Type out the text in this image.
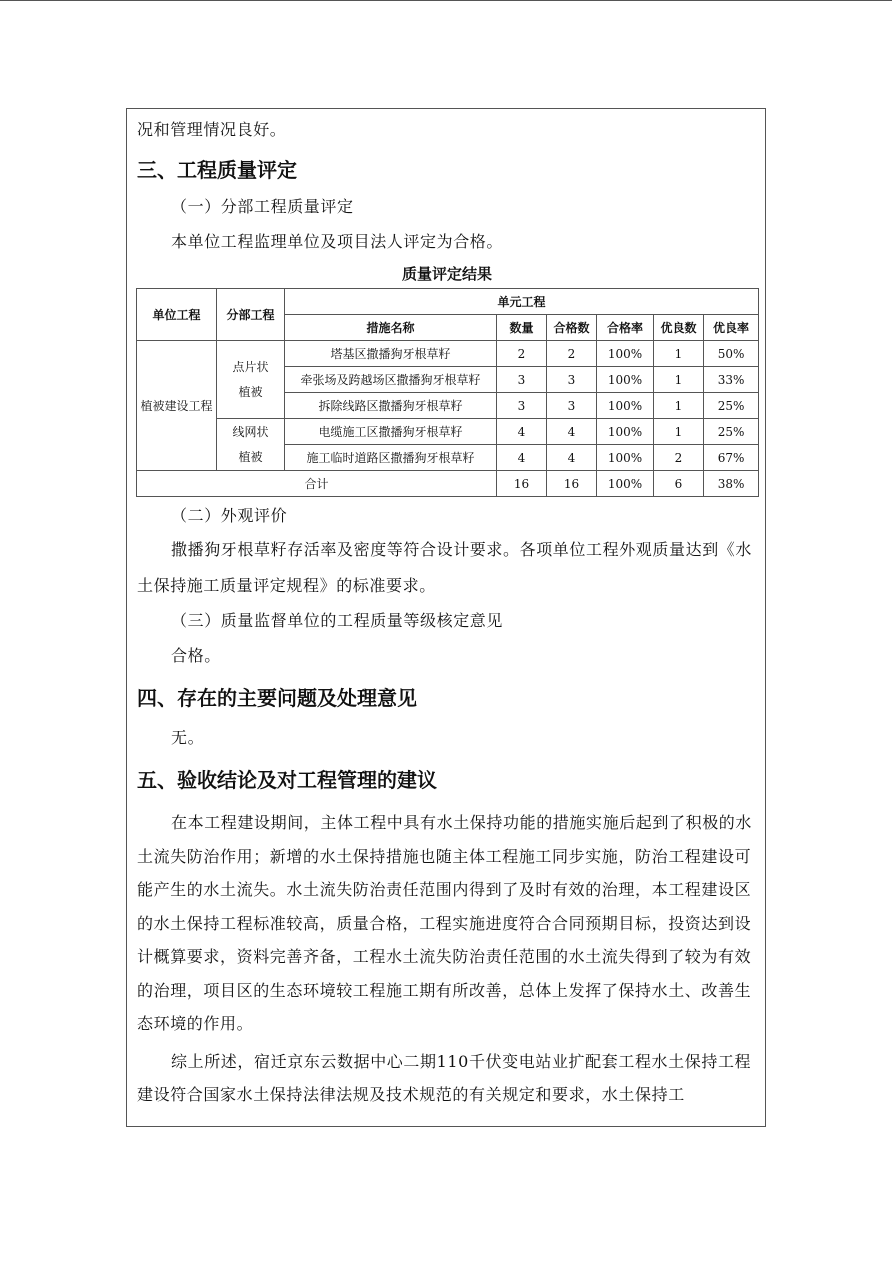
况和管理情况良好。

三、工程质量评定

（一）分部工程质量评定

本单位工程监理单位及项目法人评定为合格。

质量评定结果
单位工程	分部工程	单元工程					
		措施名称	数量	合格数	合格率	优良数	优良率
植被建设工程	点片状植被	塔基区撒播狗牙根草籽	2	2	100%	1	50%
		牵张场及跨越场区撒播狗牙根草籽	3	3	100%	1	33%
		拆除线路区撒播狗牙根草籽	3	3	100%	1	25%
	线网状植被	电缆施工区撒播狗牙根草籽	4	4	100%	1	25%
		施工临时道路区撒播狗牙根草籽	4	4	100%	2	67%
合计			16	16	100%	6	38%

（二）外观评价

撒播狗牙根草籽存活率及密度等符合设计要求。各项单位工程外观质量达到《水土保持施工质量评定规程》的标准要求。

（三）质量监督单位的工程质量等级核定意见

合格。

四、存在的主要问题及处理意见

无。

五、验收结论及对工程管理的建议

在本工程建设期间，主体工程中具有水土保持功能的措施实施后起到了积极的水土流失防治作用；新增的水土保持措施也随主体工程施工同步实施，防治工程建设可能产生的水土流失。水土流失防治责任范围内得到了及时有效的治理，本工程建设区的水土保持工程标准较高，质量合格，工程实施进度符合合同预期目标，投资达到设计概算要求，资料完善齐备，工程水土流失防治责任范围的水土流失得到了较为有效的治理，项目区的生态环境较工程施工期有所改善，总体上发挥了保持水土、改善生态环境的作用。

综上所述，宿迁京东云数据中心二期110千伏变电站业扩配套工程水土保持工程建设符合国家水土保持法律法规及技术规范的有关规定和要求，水土保持工
